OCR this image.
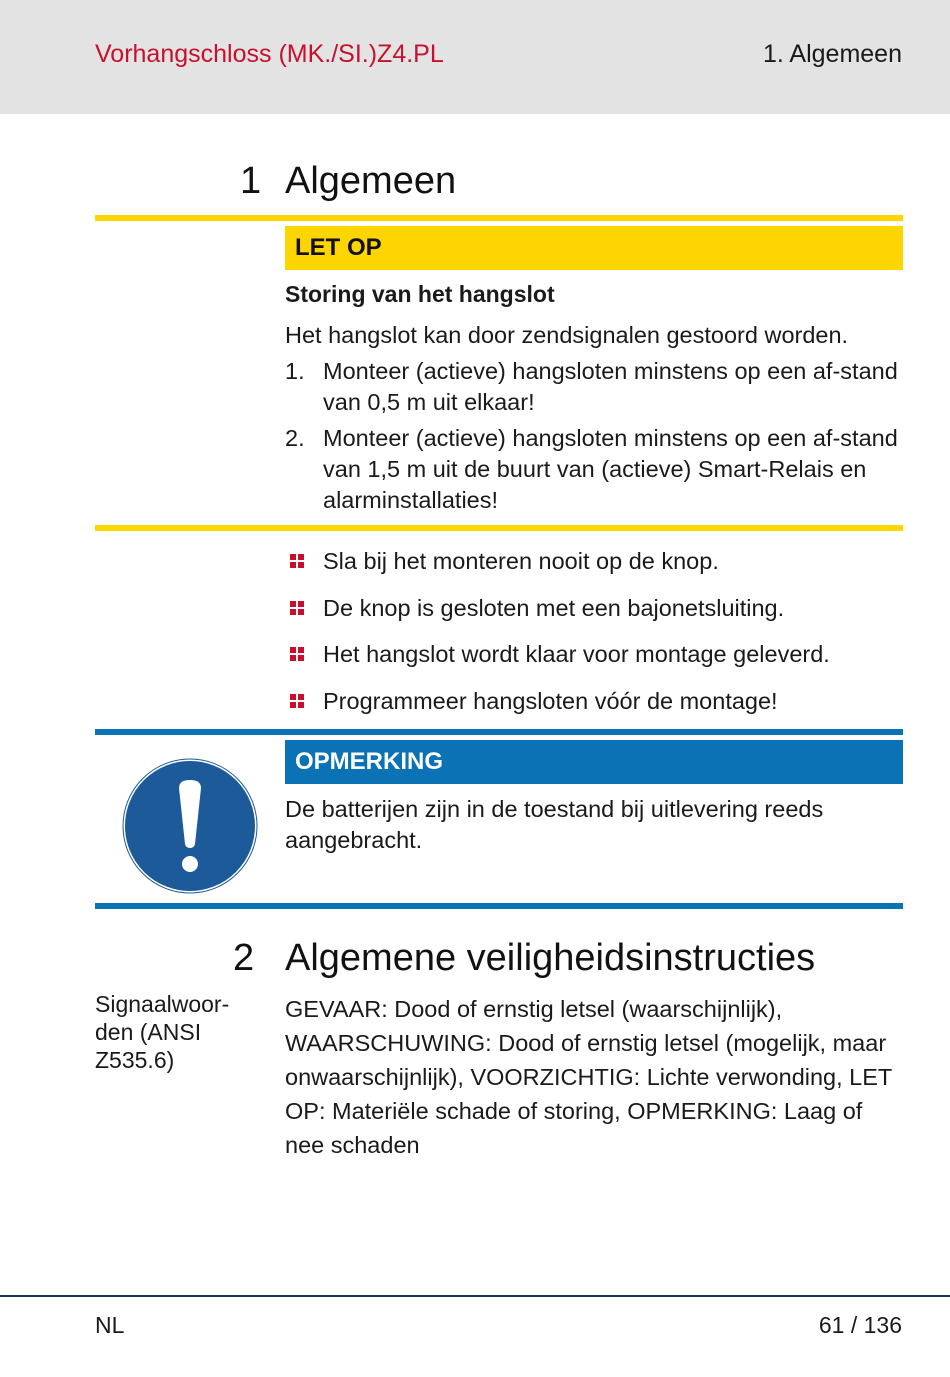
Vorhangschloss (MK./SI.)Z4.PL	1. Algemeen
1 Algemeen
LET OP
Storing van het hangslot
Het hangslot kan door zendsignalen gestoord worden.
1. Monteer (actieve) hangsloten minstens op een af-stand van 0,5 m uit elkaar!
2. Monteer (actieve) hangsloten minstens op een af-stand van 1,5 m uit de buurt van (actieve) Smart-Relais en alarminstallaties!
Sla bij het monteren nooit op de knop.
De knop is gesloten met een bajonetsluiting.
Het hangslot wordt klaar voor montage geleverd.
Programmeer hangsloten vóór de montage!
OPMERKING
De batterijen zijn in de toestand bij uitlevering reeds aangebracht.
2 Algemene veiligheidsinstructies
Signaalwoor-den (ANSI Z535.6)
GEVAAR: Dood of ernstig letsel (waarschijnlijk), WAARSCHUWING: Dood of ernstig letsel (mogelijk, maar onwaarschijnlijk), VOORZICHTIG: Lichte verwonding, LET OP: Materiële schade of storing, OPMERKING: Laag of nee schaden
NL	61 / 136
